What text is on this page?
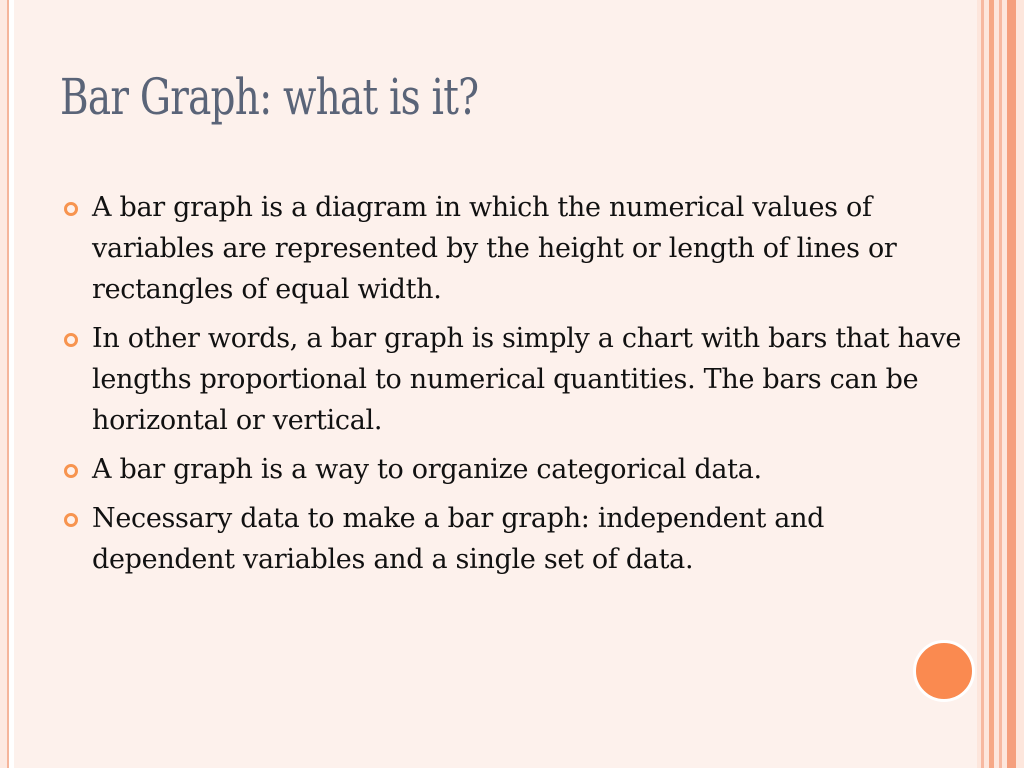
Bar Graph: what is it?
A bar graph is a diagram in which the numerical values of variables are represented by the height or length of lines or rectangles of equal width.
In other words, a bar graph is simply a chart with bars that have lengths proportional to numerical quantities. The bars can be horizontal or vertical.
A bar graph is a way to organize categorical data.
Necessary data to make a bar graph: independent and dependent variables and a single set of data.
